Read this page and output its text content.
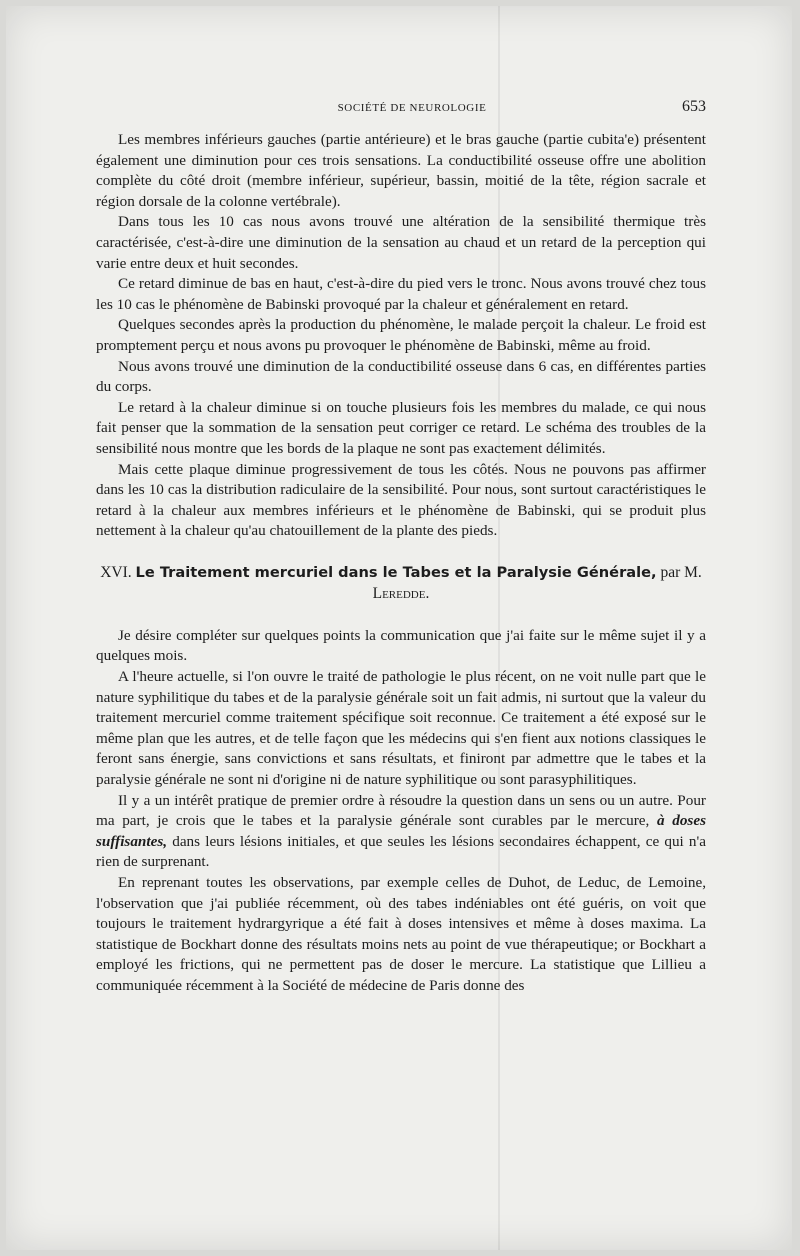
SOCIÉTÉ DE NEUROLOGIE	653

Les membres inférieurs gauches (partie antérieure) et le bras gauche (partie cubita'e) présentent également une diminution pour ces trois sensations. La conductibilité osseuse offre une abolition complète du côté droit (membre inférieur, supérieur, bassin, moitié de la tête, région sacrale et région dorsale de la colonne vertébrale).

Dans tous les 10 cas nous avons trouvé une altération de la sensibilité thermique très caractérisée, c'est-à-dire une diminution de la sensation au chaud et un retard de la perception qui varie entre deux et huit secondes.

Ce retard diminue de bas en haut, c'est-à-dire du pied vers le tronc. Nous avons trouvé chez tous les 10 cas le phénomène de Babinski provoqué par la chaleur et généralement en retard.

Quelques secondes après la production du phénomène, le malade perçoit la chaleur. Le froid est promptement perçu et nous avons pu provoquer le phénomène de Babinski, même au froid.

Nous avons trouvé une diminution de la conductibilité osseuse dans 6 cas, en différentes parties du corps.

Le retard à la chaleur diminue si on touche plusieurs fois les membres du malade, ce qui nous fait penser que la sommation de la sensation peut corriger ce retard. Le schéma des troubles de la sensibilité nous montre que les bords de la plaque ne sont pas exactement délimités.

Mais cette plaque diminue progressivement de tous les côtés. Nous ne pouvons pas affirmer dans les 10 cas la distribution radiculaire de la sensibilité. Pour nous, sont surtout caractéristiques le retard à la chaleur aux membres inférieurs et le phénomène de Babinski, qui se produit plus nettement à la chaleur qu'au chatouillement de la plante des pieds.

XVI. Le Traitement mercuriel dans le Tabes et la Paralysie Générale, par M. Leredde.

Je désire compléter sur quelques points la communication que j'ai faite sur le même sujet il y a quelques mois.

A l'heure actuelle, si l'on ouvre le traité de pathologie le plus récent, on ne voit nulle part que le nature syphilitique du tabes et de la paralysie générale soit un fait admis, ni surtout que la valeur du traitement mercuriel comme traitement spécifique soit reconnue. Ce traitement a été exposé sur le même plan que les autres, et de telle façon que les médecins qui s'en fient aux notions classiques le feront sans énergie, sans convictions et sans résultats, et finiront par admettre que le tabes et la paralysie générale ne sont ni d'origine ni de nature syphilitique ou sont parasyphilitiques.

Il y a un intérêt pratique de premier ordre à résoudre la question dans un sens ou un autre. Pour ma part, je crois que le tabes et la paralysie générale sont curables par le mercure, à doses suffisantes, dans leurs lésions initiales, et que seules les lésions secondaires échappent, ce qui n'a rien de surprenant.

En reprenant toutes les observations, par exemple celles de Duhot, de Leduc, de Lemoine, l'observation que j'ai publiée récemment, où des tabes indéniables ont été guéris, on voit que toujours le traitement hydrargyrique a été fait à doses intensives et même à doses maxima. La statistique de Bockhart donne des résultats moins nets au point de vue thérapeutique; or Bockhart a employé les frictions, qui ne permettent pas de doser le mercure. La statistique que Lillieu a communiquée récemment à la Société de médecine de Paris donne des
